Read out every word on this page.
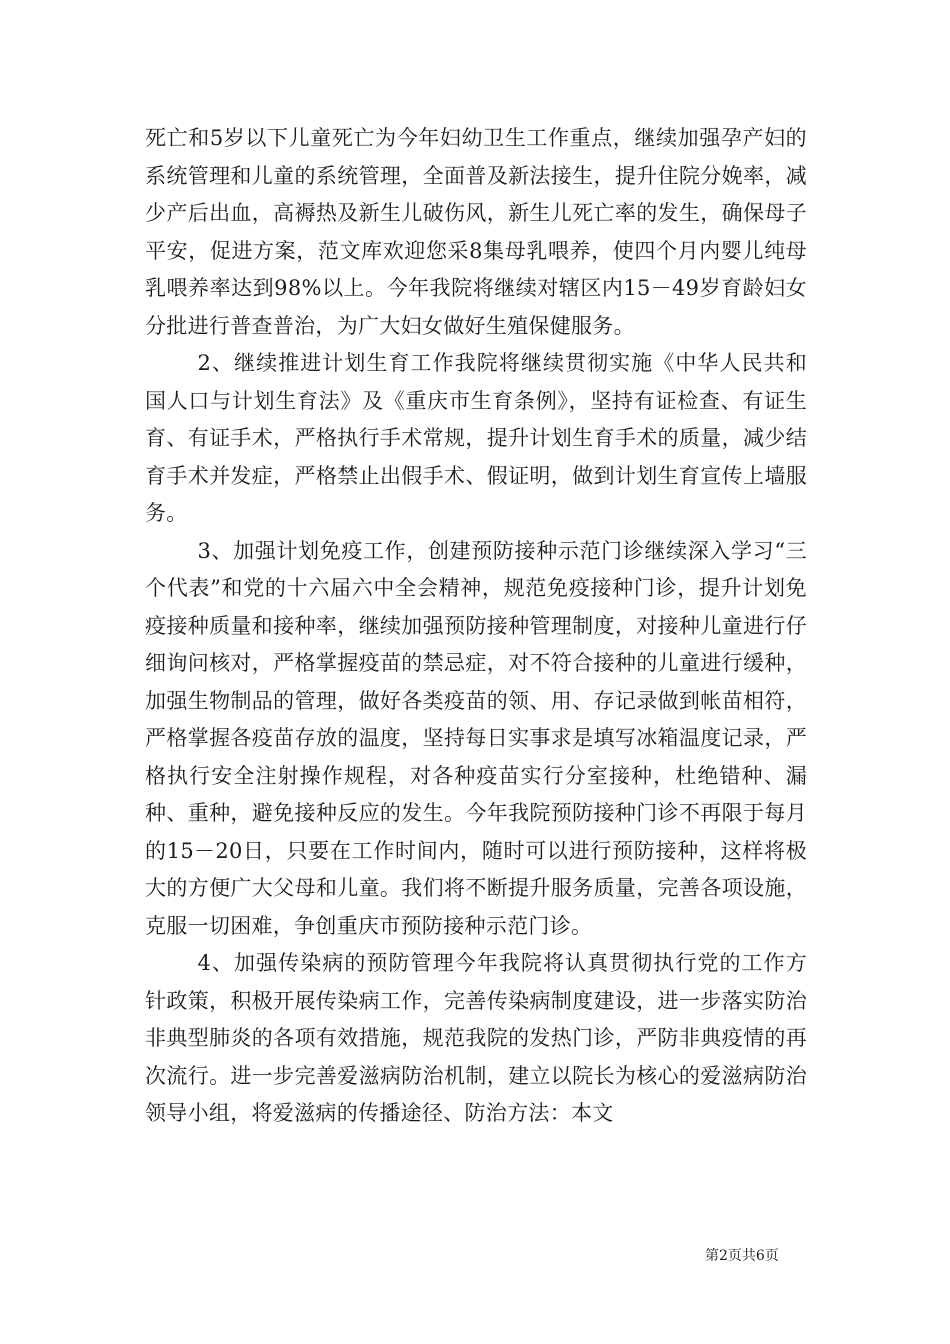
死亡和5岁以下儿童死亡为今年妇幼卫生工作重点，继续加强孕产妇的系统管理和儿童的系统管理，全面普及新法接生，提升住院分娩率，减少产后出血，高褥热及新生儿破伤风，新生儿死亡率的发生，确保母子平安，促进方案，范文库欢迎您采8集母乳喂养，使四个月内婴儿纯母乳喂养率达到98%以上。今年我院将继续对辖区内15－49岁育龄妇女分批进行普查普治，为广大妇女做好生殖保健服务。

2、继续推进计划生育工作我院将继续贯彻实施《中华人民共和国人口与计划生育法》及《重庆市生育条例》，坚持有证检查、有证生育、有证手术，严格执行手术常规，提升计划生育手术的质量，减少结育手术并发症，严格禁止出假手术、假证明，做到计划生育宣传上墙服务。

3、加强计划免疫工作，创建预防接种示范门诊继续深入学习“三个代表”和党的十六届六中全会精神，规范免疫接种门诊，提升计划免疫接种质量和接种率，继续加强预防接种管理制度，对接种儿童进行仔细询问核对，严格掌握疫苗的禁忌症，对不符合接种的儿童进行缓种，加强生物制品的管理，做好各类疫苗的领、用、存记录做到帐苗相符，严格掌握各疫苗存放的温度，坚持每日实事求是填写冰箱温度记录，严格执行安全注射操作规程，对各种疫苗实行分室接种，杜绝错种、漏种、重种，避免接种反应的发生。今年我院预防接种门诊不再限于每月的15－20日，只要在工作时间内，随时可以进行预防接种，这样将极大的方便广大父母和儿童。我们将不断提升服务质量，完善各项设施，克服一切困难，争创重庆市预防接种示范门诊。

4、加强传染病的预防管理今年我院将认真贯彻执行党的工作方针政策，积极开展传染病工作，完善传染病制度建设，进一步落实防治非典型肺炎的各项有效措施，规范我院的发热门诊，严防非典疫情的再次流行。进一步完善爱滋病防治机制，建立以院长为核心的爱滋病防治领导小组，将爱滋病的传播途径、防治方法：本文

第2页共6页
